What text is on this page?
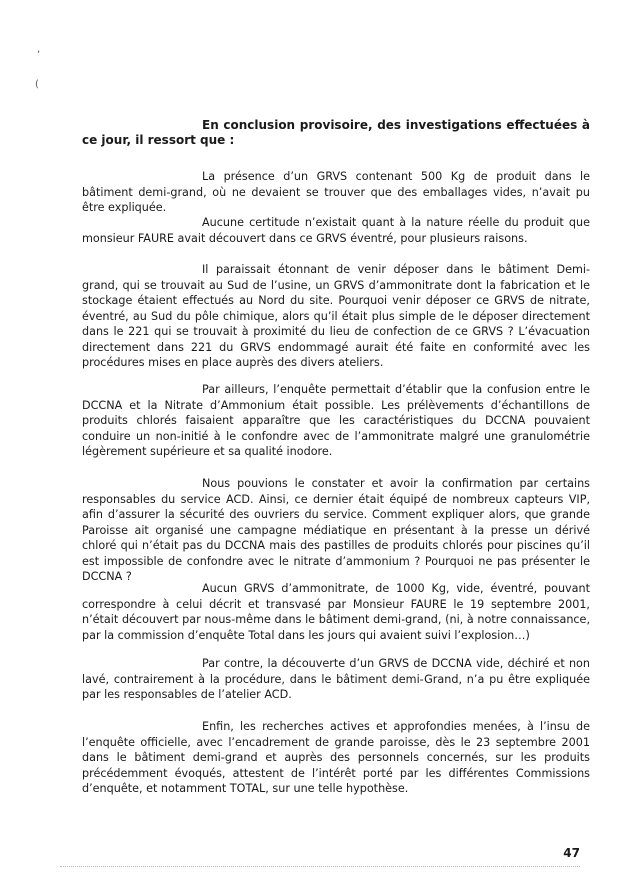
,
(
En conclusion provisoire, des investigations effectuées à ce jour, il ressort que :

La présence d’un GRVS contenant 500 Kg de produit dans le bâtiment demi-grand, où ne devaient se trouver que des emballages vides, n’avait pu être expliquée.

Aucune certitude n’existait quant à la nature réelle du produit que monsieur FAURE avait découvert dans ce GRVS éventré, pour plusieurs raisons.

Il paraissait étonnant de venir déposer dans le bâtiment Demi-grand, qui se trouvait au Sud de l’usine, un GRVS d’ammonitrate dont la fabrication et le stockage étaient effectués au Nord du site. Pourquoi venir déposer ce GRVS de nitrate, éventré, au Sud du pôle chimique, alors qu’il était plus simple de le déposer directement dans le 221 qui se trouvait à proximité du lieu de confection de ce GRVS ? L’évacuation directement dans 221 du GRVS endommagé aurait été faite en conformité avec les procédures mises en place auprès des divers ateliers.

Par ailleurs, l’enquête permettait d’établir que la confusion entre le DCCNA et la Nitrate d’Ammonium était possible. Les prélèvements d’échantillons de produits chlorés faisaient apparaître que les caractéristiques du DCCNA pouvaient conduire un non-initié à le confondre avec de l’ammonitrate malgré une granulométrie légèrement supérieure et sa qualité inodore.

Nous pouvions le constater et avoir la confirmation par certains responsables du service ACD. Ainsi, ce dernier était équipé de nombreux capteurs VIP, afin d’assurer la sécurité des ouvriers du service. Comment expliquer alors, que grande Paroisse ait organisé une campagne médiatique en présentant à la presse un dérivé chloré qui n’était pas du DCCNA mais des pastilles de produits chlorés pour piscines qu’il est impossible de confondre avec le nitrate d’ammonium ? Pourquoi ne pas présenter le DCCNA ?

Aucun GRVS d’ammonitrate, de 1000 Kg, vide, éventré, pouvant correspondre à celui décrit et transvasé par Monsieur FAURE le 19 septembre 2001, n’était découvert par nous-même dans le bâtiment demi-grand, (ni, à notre connaissance, par la commission d’enquête Total dans les jours qui avaient suivi l’explosion…)

Par contre, la découverte d’un GRVS de DCCNA vide, déchiré et non lavé, contrairement à la procédure, dans le bâtiment demi-Grand, n’a pu être expliquée par les responsables de l’atelier ACD.

Enfin, les recherches actives et approfondies menées, à l’insu de l’enquête officielle, avec l’encadrement de grande paroisse, dès le 23 septembre 2001 dans le bâtiment demi-grand et auprès des personnels concernés, sur les produits précédemment évoqués, attestent de l’intérêt porté par les différentes Commissions d’enquête, et notamment TOTAL, sur une telle hypothèse.

47
